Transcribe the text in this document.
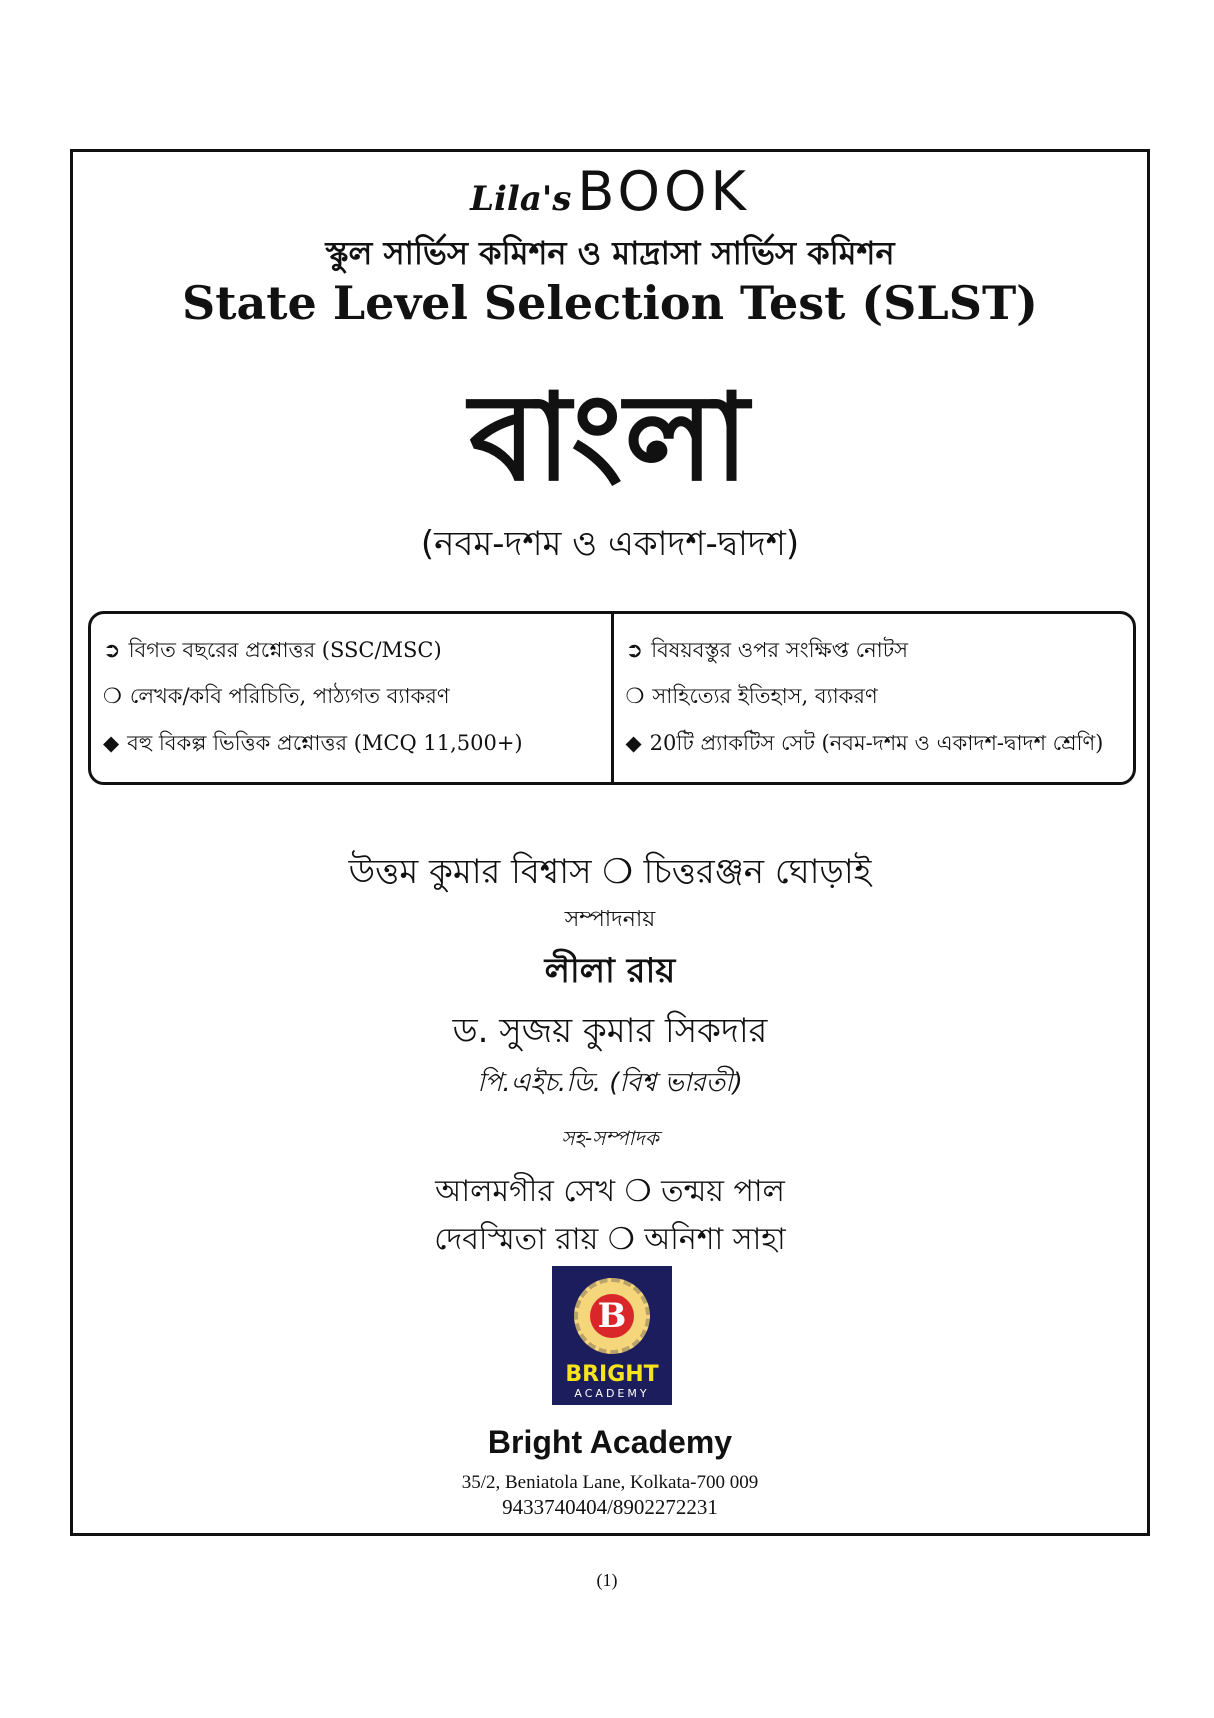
Lila's BOOK
স্কুল সার্ভিস কমিশন ও মাদ্রাসা সার্ভিস কমিশন
State Level Selection Test (SLST)
বাংলা
(নবম-দশম ও একাদশ-দ্বাদশ)
➲ বিগত বছরের প্রশ্নোত্তর (SSC/MSC)
❍ লেখক/কবি পরিচিতি, পাঠ্যগত ব্যাকরণ
◆ বহু বিকল্প ভিত্তিক প্রশ্নোত্তর (MCQ 11,500+)
➲ বিষয়বস্তুর ওপর সংক্ষিপ্ত নোটস
❍ সাহিত্যের ইতিহাস, ব্যাকরণ
◆ 20টি প্র্যাকটিস সেট (নবম-দশম ও একাদশ-দ্বাদশ শ্রেণি)
উত্তম কুমার বিশ্বাস ❍ চিত্তরঞ্জন ঘোড়াই
সম্পাদনায়
লীলা রায়
ড. সুজয় কুমার সিকদার
পি.এইচ.ডি. (বিশ্ব ভারতী)
সহ-সম্পাদক
আলমগীর সেখ ❍ তন্ময় পাল
দেবস্মিতা রায় ❍ অনিশা সাহা
B
BRIGHT
ACADEMY
Bright Academy
35/2, Beniatola Lane, Kolkata-700 009
9433740404/8902272231
(1)
